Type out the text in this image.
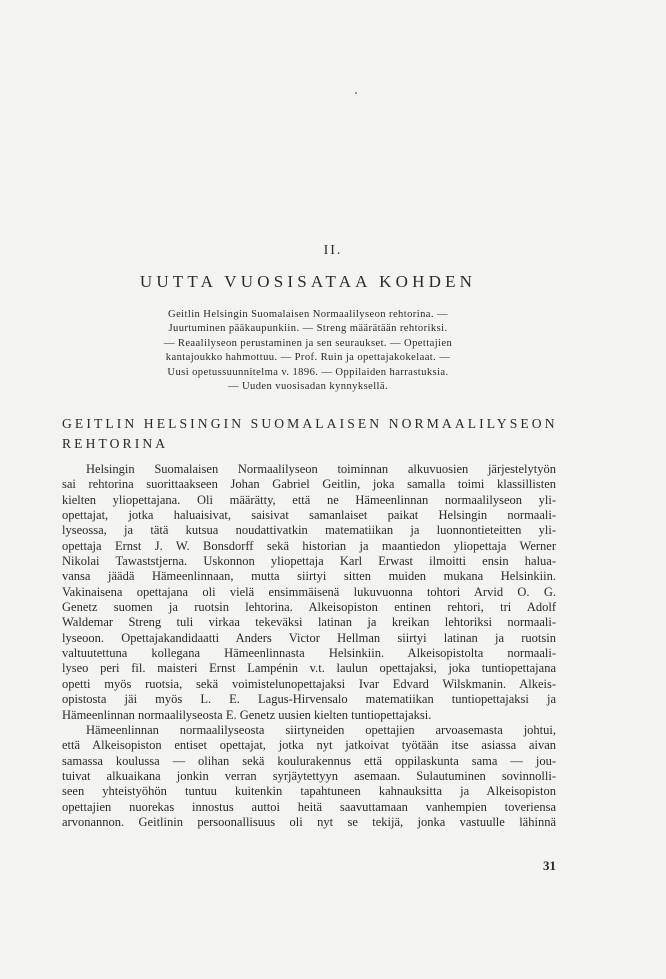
II.
UUTTA VUOSISATAA KOHDEN
Geitlin Helsingin Suomalaisen Normaalilyseon rehtorina. —
Juurtuminen pääkaupunkiin. — Streng määrätään rehtoriksi.
— Reaalilyseon perustaminen ja sen seuraukset. — Opettajien
kantajoukko hahmottuu. — Prof. Ruin ja opettajakokelaat. —
Uusi opetussuunnitelma v. 1896. — Oppilaiden harrastuksia.
— Uuden vuosisadan kynnyksellä.
GEITLIN HELSINGIN SUOMALAISEN NORMAALILYSEON
REHTORINA
Helsingin Suomalaisen Normaalilyseon toiminnan alkuvuosien järjestelytyön
sai rehtorina suorittaakseen Johan Gabriel Geitlin, joka samalla toimi klassillisten
kielten yliopettajana. Oli määrätty, että ne Hämeenlinnan normaalilyseon yli-
opettajat, jotka haluaisivat, saisivat samanlaiset paikat Helsingin normaali-
lyseossa, ja tätä kutsua noudattivatkin matematiikan ja luonnontieteitten yli-
opettaja Ernst J. W. Bonsdorff sekä historian ja maantiedon yliopettaja Werner
Nikolai Tawaststjerna. Uskonnon yliopettaja Karl Erwast ilmoitti ensin halua-
vansa jäädä Hämeenlinnaan, mutta siirtyi sitten muiden mukana Helsinkiin.
Vakinaisena opettajana oli vielä ensimmäisenä lukuvuonna tohtori Arvid O. G.
Genetz suomen ja ruotsin lehtorina. Alkeisopiston entinen rehtori, tri Adolf
Waldemar Streng tuli virkaa tekeväksi latinan ja kreikan lehtoriksi normaali-
lyseoon. Opettajakandidaatti Anders Victor Hellman siirtyi latinan ja ruotsin
valtuutettuna kollegana Hämeenlinnasta Helsinkiin. Alkeisopistolta normaali-
lyseo peri fil. maisteri Ernst Lampénin v.t. laulun opettajaksi, joka tuntiopettajana
opetti myös ruotsia, sekä voimistelunopettajaksi Ivar Edvard Wilskmanin. Alkeis-
opistosta jäi myös L. E. Lagus-Hirvensalo matematiikan tuntiopettajaksi ja
Hämeenlinnan normaalilyseosta E. Genetz uusien kielten tuntiopettajaksi.
Hämeenlinnan normaalilyseosta siirtyneiden opettajien arvoasemasta johtui,
että Alkeisopiston entiset opettajat, jotka nyt jatkoivat työtään itse asiassa aivan
samassa koulussa — olihan sekä koulurakennus että oppilaskunta sama — jou-
tuivat alkuaikana jonkin verran syrjäytettyyn asemaan. Sulautuminen sovinnolli-
seen yhteistyöhön tuntuu kuitenkin tapahtuneen kahnauksitta ja Alkeisopiston
opettajien nuorekas innostus auttoi heitä saavuttamaan vanhempien toveriensa
arvonannon. Geitlinin persoonallisuus oli nyt se tekijä, jonka vastuulle lähinnä
31
